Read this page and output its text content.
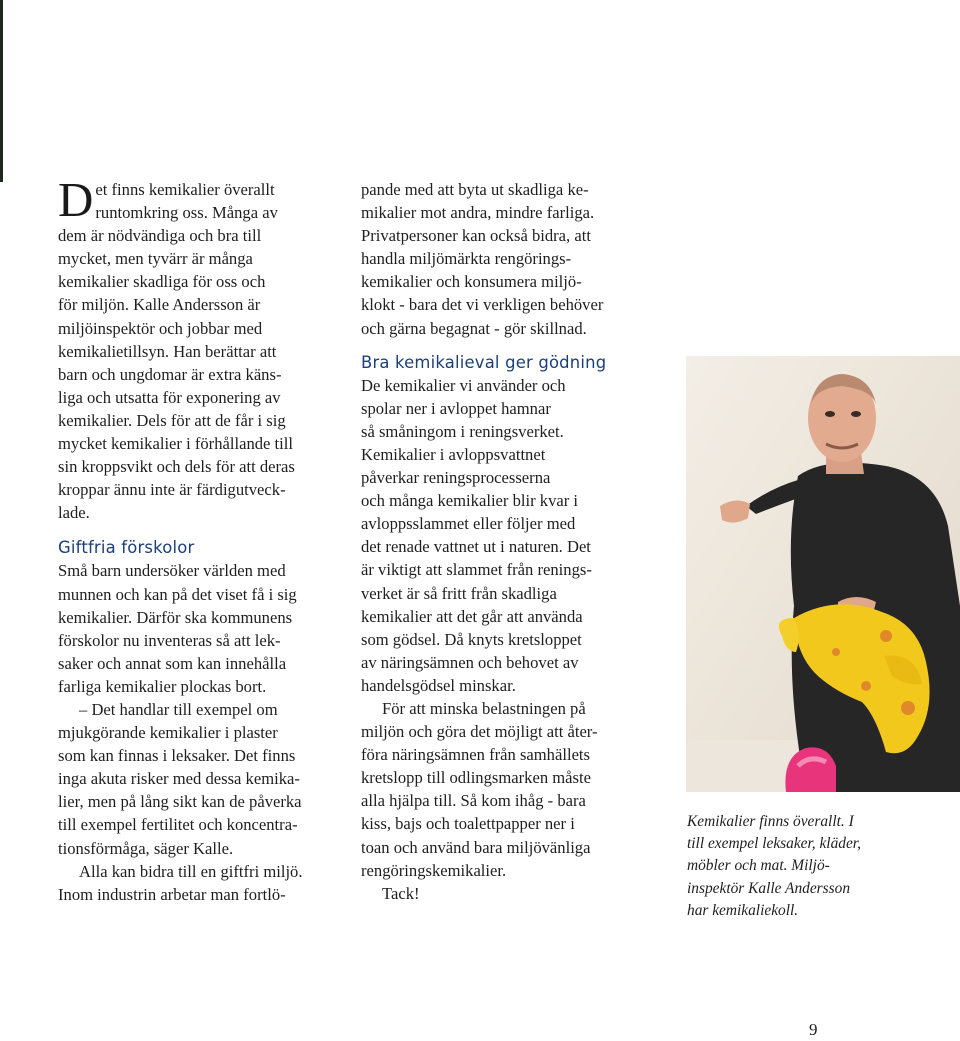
D et finns kemikalier överallt
runtomkring oss. Många av
dem är nödvändiga och bra till
mycket, men tyvärr är många
kemikalier skadliga för oss och
för miljön. Kalle Andersson är
miljöinspektör och jobbar med
kemikalietillsyn. Han berättar att
barn och ungdomar är extra käns-
liga och utsatta för exponering av
kemikalier. Dels för att de får i sig
mycket kemikalier i förhållande till
sin kroppsvikt och dels för att deras
kroppar ännu inte är färdigutveck-
lade.
Giftfria förskolor
Små barn undersöker världen med
munnen och kan på det viset få i sig
kemikalier. Därför ska kommunens
förskolor nu inventeras så att lek-
saker och annat som kan innehålla
farliga kemikalier plockas bort.
– Det handlar till exempel om
mjukgörande kemikalier i plaster
som kan finnas i leksaker. Det finns
inga akuta risker med dessa kemika-
lier, men på lång sikt kan de påverka
till exempel fertilitet och koncentra-
tionsförmåga, säger Kalle.
Alla kan bidra till en giftfri miljö.
Inom industrin arbetar man fortlö-
pande med att byta ut skadliga ke-
mikalier mot andra, mindre farliga.
Privatpersoner kan också bidra, att
handla miljömärkta rengörings-
kemikalier och konsumera miljö-
klokt - bara det vi verkligen behöver
och gärna begagnat - gör skillnad.
Bra kemikalieval ger gödning
De kemikalier vi använder och
spolar ner i avloppet hamnar
så småningom i reningsverket.
Kemikalier i avloppsvattnet
påverkar reningsprocesserna
och många kemikalier blir kvar i
avloppsslammet eller följer med
det renade vattnet ut i naturen. Det
är viktigt att slammet från renings-
verket är så fritt från skadliga
kemikalier att det går att använda
som gödsel. Då knyts kretsloppet
av näringsämnen och behovet av
handelsgödsel minskar.
För att minska belastningen på
miljön och göra det möjligt att åter-
föra näringsämnen från samhällets
kretslopp till odlingsmarken måste
alla hjälpa till. Så kom ihåg - bara
kiss, bajs och toalettpapper ner i
toan och använd bara miljövänliga
rengöringskemikalier.
Tack!
Kemikalier finns överallt. I
till exempel leksaker, kläder,
möbler och mat. Miljö-
inspektör Kalle Andersson
har kemikaliekoll.
9
